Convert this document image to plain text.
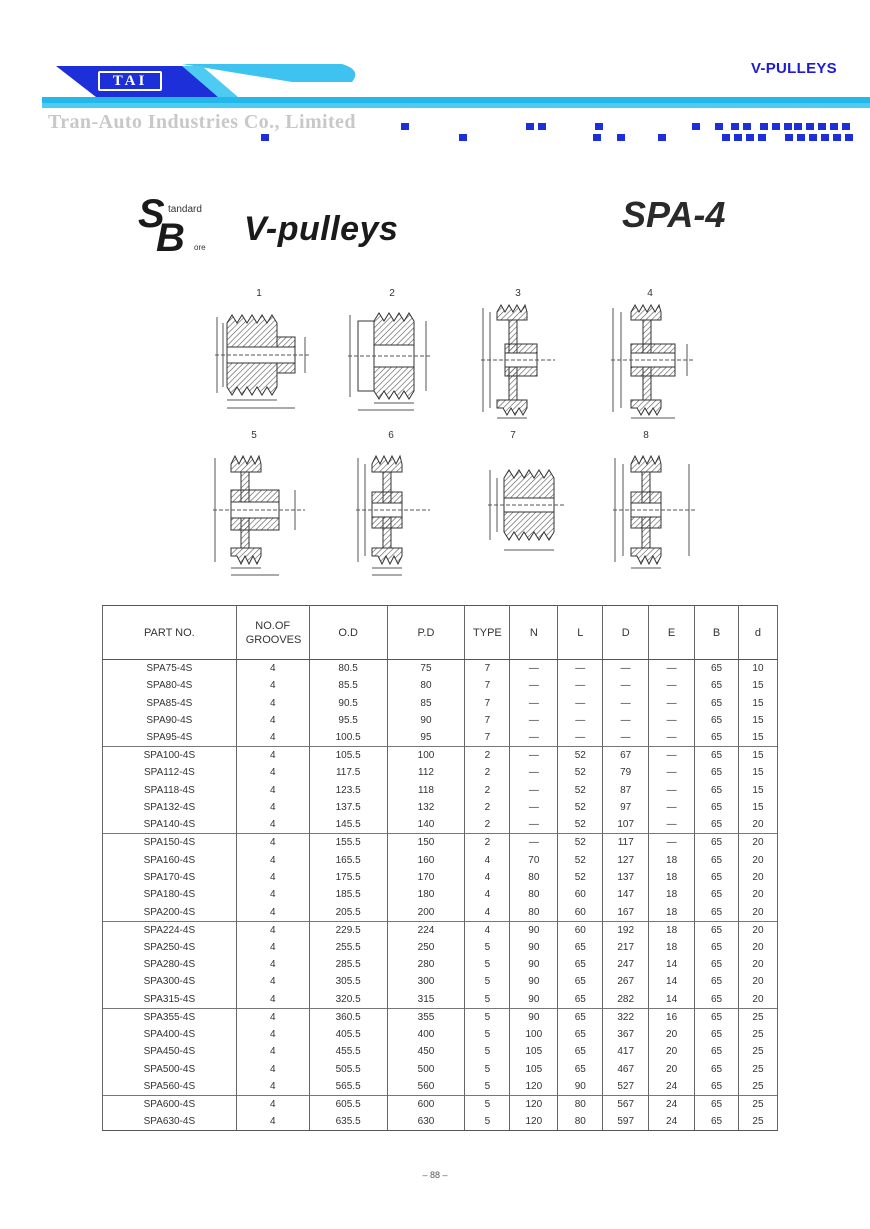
TAI
V-PULLEYS
Tran-Auto Industries Co., Limited
S tandard
B ore V-pulleys	SPA-4
1	2	3	4
5	6	7	8
PART NO.	NO.OF GROOVES	O.D	P.D	TYPE	N	L	D	E	B	d
SPA75-4S	4	80.5	75	7	—	—	—	—	65	10
SPA80-4S	4	85.5	80	7	—	—	—	—	65	15
SPA85-4S	4	90.5	85	7	—	—	—	—	65	15
SPA90-4S	4	95.5	90	7	—	—	—	—	65	15
SPA95-4S	4	100.5	95	7	—	—	—	—	65	15
SPA100-4S	4	105.5	100	2	—	52	67	—	65	15
SPA112-4S	4	117.5	112	2	—	52	79	—	65	15
SPA118-4S	4	123.5	118	2	—	52	87	—	65	15
SPA132-4S	4	137.5	132	2	—	52	97	—	65	15
SPA140-4S	4	145.5	140	2	—	52	107	—	65	20
SPA150-4S	4	155.5	150	2	—	52	117	—	65	20
SPA160-4S	4	165.5	160	4	70	52	127	18	65	20
SPA170-4S	4	175.5	170	4	80	52	137	18	65	20
SPA180-4S	4	185.5	180	4	80	60	147	18	65	20
SPA200-4S	4	205.5	200	4	80	60	167	18	65	20
SPA224-4S	4	229.5	224	4	90	60	192	18	65	20
SPA250-4S	4	255.5	250	5	90	65	217	18	65	20
SPA280-4S	4	285.5	280	5	90	65	247	14	65	20
SPA300-4S	4	305.5	300	5	90	65	267	14	65	20
SPA315-4S	4	320.5	315	5	90	65	282	14	65	20
SPA355-4S	4	360.5	355	5	90	65	322	16	65	25
SPA400-4S	4	405.5	400	5	100	65	367	20	65	25
SPA450-4S	4	455.5	450	5	105	65	417	20	65	25
SPA500-4S	4	505.5	500	5	105	65	467	20	65	25
SPA560-4S	4	565.5	560	5	120	90	527	24	65	25
SPA600-4S	4	605.5	600	5	120	80	567	24	65	25
SPA630-4S	4	635.5	630	5	120	80	597	24	65	25
– 88 –
